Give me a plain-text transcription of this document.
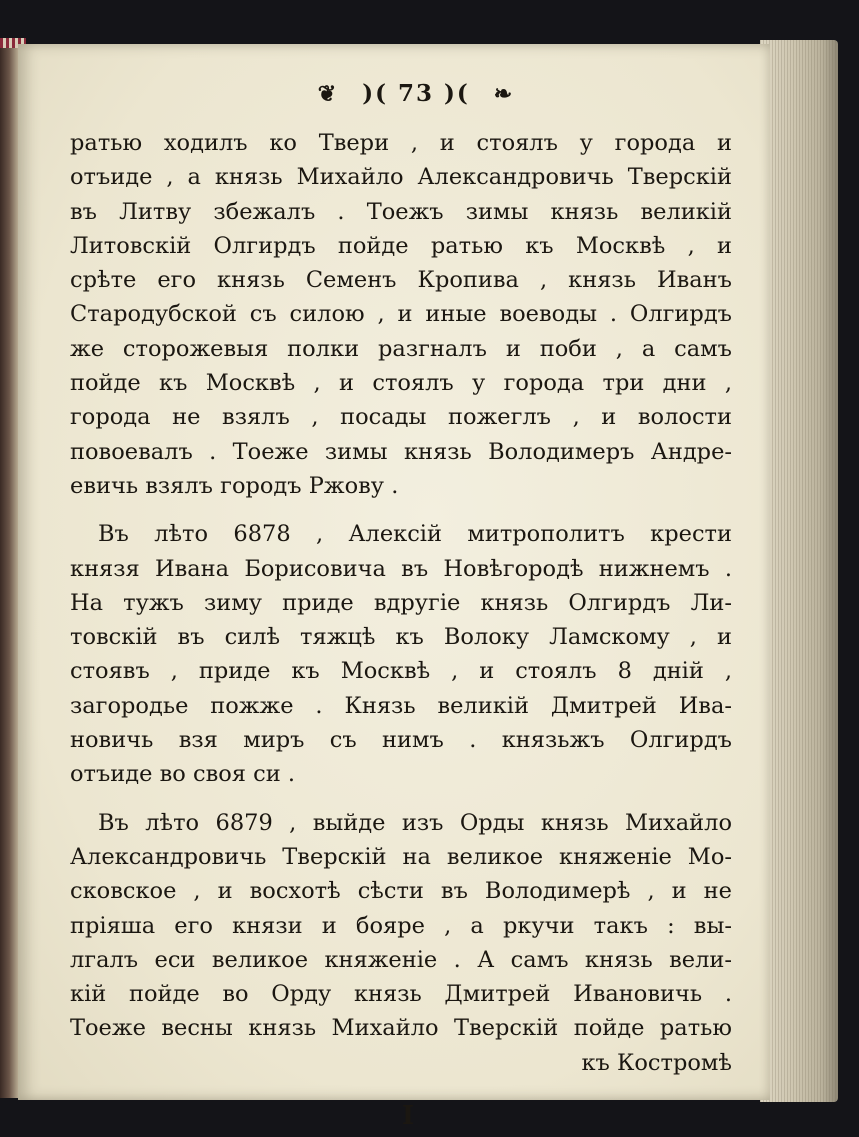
❦ )( 73 )( ❧
ратью ходилъ ко Твери , и стоялъ у города и
отъиде , а князь Михайло Александровичь Тверскій
въ Литву збежалъ . Тоежъ зимы князь великій
Литовскій Олгирдъ пойде ратью къ Москвѣ , и
срѣте его князь Семенъ Кропива , князь Иванъ
Стародубской съ силою , и иные воеводы . Олгирдъ
же сторожевыя полки разгналъ и поби , а самъ
пойде къ Москвѣ , и стоялъ у города три дни ,
города не взялъ , посады пожеглъ , и волости
повоевалъ . Тоеже зимы князь Володимеръ Андре-
евичь взялъ городъ Ржову .
Въ лѣто 6878 , Алексій митрополитъ крести
князя Ивана Борисовича въ Новѣгородѣ нижнемъ .
На тужъ зиму приде вдругіе князь Олгирдъ Ли-
товскій въ силѣ тяжцѣ къ Волоку Ламскому , и
стоявъ , приде къ Москвѣ , и стоялъ 8 дній ,
загородье пожже . Князь великій Дмитрей Ива-
новичь взя миръ съ нимъ . князьжъ Олгирдъ
отъиде во своя си .
Въ лѣто 6879 , выйде изъ Орды князь Михайло
Александровичь Тверскій на великое княженіе Мо-
сковское , и восхотѣ сѣсти въ Володимерѣ , и не
пріяша его князи и бояре , а ркучи такъ : вы-
лгалъ еси великое княженіе . А самъ князь вели-
кій пойде во Орду князь Дмитрей Ивановичь .
Тоеже весны князь Михайло Тверскій пойде ратью
къ Костромѣ
I
